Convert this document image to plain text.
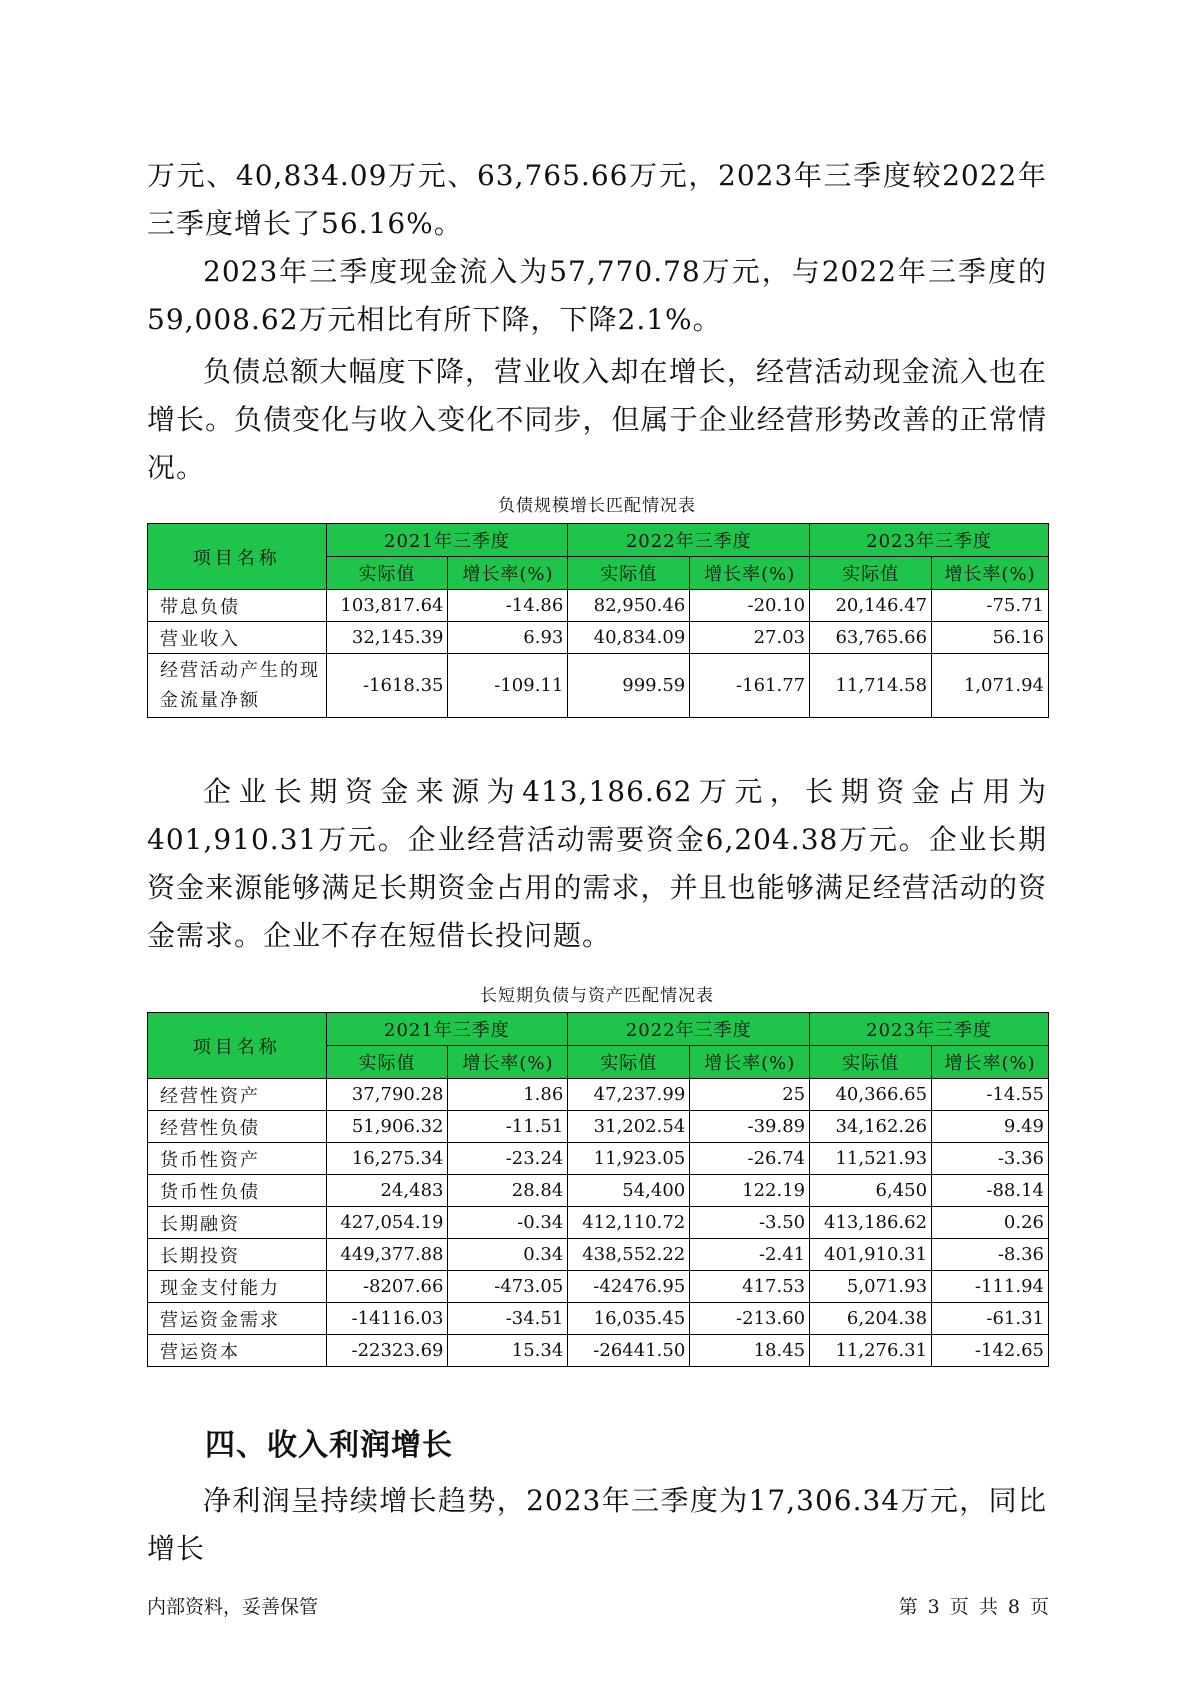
万元、40,834.09万元、63,765.66万元，2023年三季度较2022年三季度增长了56.16%。

2023年三季度现金流入为57,770.78万元，与2022年三季度的59,008.62万元相比有所下降，下降2.1%。

负债总额大幅度下降，营业收入却在增长，经营活动现金流入也在增长。负债变化与收入变化不同步，但属于企业经营形势改善的正常情况。

负债规模增长匹配情况表
项目名称	2021年三季度		2022年三季度		2023年三季度	
	实际值	增长率(%)	实际值	增长率(%)	实际值	增长率(%)
带息负债	103,817.64	-14.86	82,950.46	-20.10	20,146.47	-75.71
营业收入	32,145.39	6.93	40,834.09	27.03	63,765.66	56.16
经营活动产生的现
金流量净额	-1618.35	-109.11	999.59	-161.77	11,714.58	1,071.94

企业长期资金来源为413,186.62万元，长期资金占用为401,910.31万元。企业经营活动需要资金6,204.38万元。企业长期资金来源能够满足长期资金占用的需求，并且也能够满足经营活动的资金需求。企业不存在短借长投问题。

长短期负债与资产匹配情况表
项目名称	2021年三季度		2022年三季度		2023年三季度	
	实际值	增长率(%)	实际值	增长率(%)	实际值	增长率(%)
经营性资产	37,790.28	1.86	47,237.99	25	40,366.65	-14.55
经营性负债	51,906.32	-11.51	31,202.54	-39.89	34,162.26	9.49
货币性资产	16,275.34	-23.24	11,923.05	-26.74	11,521.93	-3.36
货币性负债	24,483	28.84	54,400	122.19	6,450	-88.14
长期融资	427,054.19	-0.34	412,110.72	-3.50	413,186.62	0.26
长期投资	449,377.88	0.34	438,552.22	-2.41	401,910.31	-8.36
现金支付能力	-8207.66	-473.05	-42476.95	417.53	5,071.93	-111.94
营运资金需求	-14116.03	-34.51	16,035.45	-213.60	6,204.38	-61.31
营运资本	-22323.69	15.34	-26441.50	18.45	11,276.31	-142.65
四、收入利润增长

净利润呈持续增长趋势，2023年三季度为17,306.34万元，同比增长

内部资料，妥善保管	第 3 页 共 8 页
